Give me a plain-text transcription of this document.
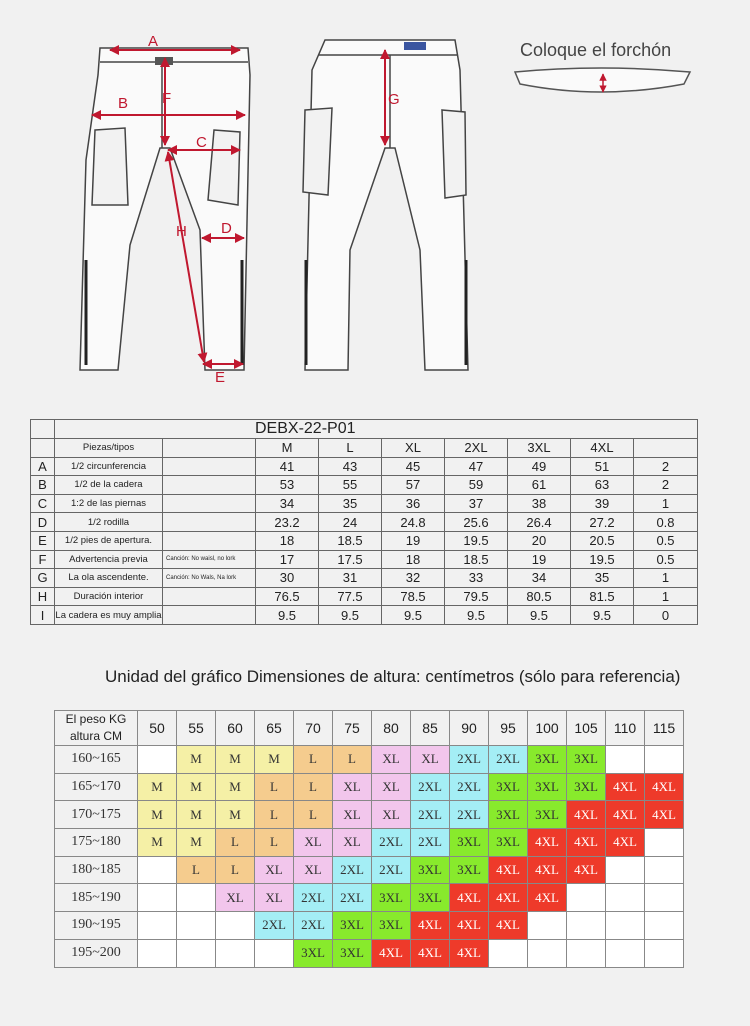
A
B F
C
H D
E
G
Coloque el forchón
	DEBX-22-P01								
	Piezas/tipos		M	L	XL	2XL	3XL	4XL	
A	1/2 circunferencia		41	43	45	47	49	51	2
B	1/2 de la cadera		53	55	57	59	61	63	2
C	1:2 de las piernas		34	35	36	37	38	39	1
D	1/2 rodilla		23.2	24	24.8	25.6	26.4	27.2	0.8
E	1/2 pies de apertura.		18	18.5	19	19.5	20	20.5	0.5
F	Advertencia previa	Canción: No waisl, no lork	17	17.5	18	18.5	19	19.5	0.5
G	La ola ascendente.	Canción: No Wals, Na lork	30	31	32	33	34	35	1
H	Duración interior		76.5	77.5	78.5	79.5	80.5	81.5	1
I	La cadera es muy amplia		9.5	9.5	9.5	9.5	9.5	9.5	0
Unidad del gráfico Dimensiones de altura: centímetros (sólo para referencia)
El peso KG
altura CM	50	55	60	65	70	75	80	85	90	95	100	105	110	115
160~165		M	M	M	L	L	XL	XL	2XL	2XL	3XL	3XL		
165~170	M	M	M	L	L	XL	XL	2XL	2XL	3XL	3XL	3XL	4XL	4XL
170~175	M	M	M	L	L	XL	XL	2XL	2XL	3XL	3XL	4XL	4XL	4XL
175~180	M	M	L	L	XL	XL	2XL	2XL	3XL	3XL	4XL	4XL	4XL	
180~185		L	L	XL	XL	2XL	2XL	3XL	3XL	4XL	4XL	4XL		
185~190			XL	XL	2XL	2XL	3XL	3XL	4XL	4XL	4XL			
190~195				2XL	2XL	3XL	3XL	4XL	4XL	4XL				
195~200					3XL	3XL	4XL	4XL	4XL					
